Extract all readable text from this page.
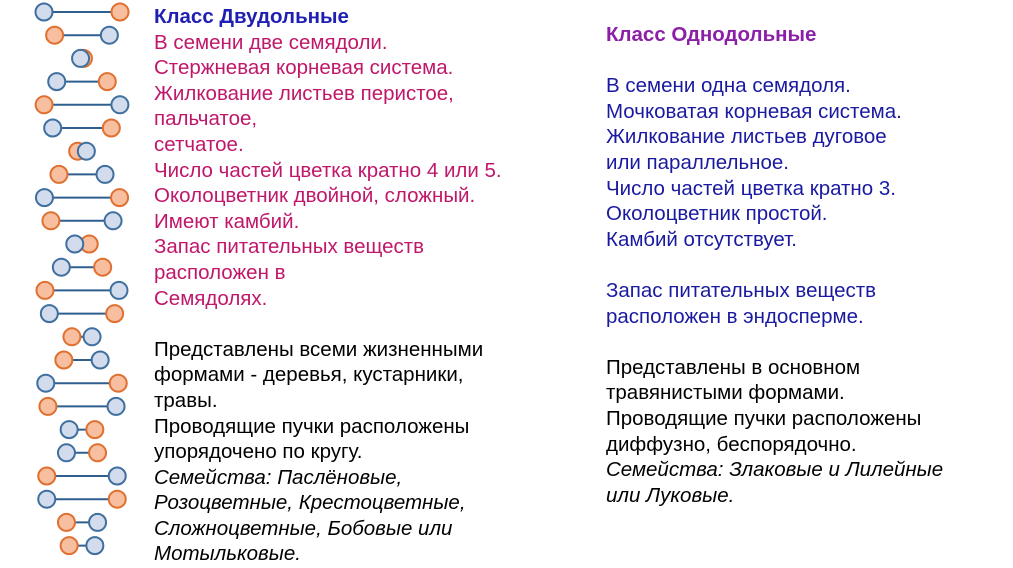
Класс Двудольные
В семени две семядоли.
Стержневая корневая система.
Жилкование листьев перистое,
пальчатое,
сетчатое.
Число частей цветка кратно 4 или 5.
Околоцветник двойной, сложный.
Имеют камбий.
Запас питательных веществ
расположен в
Семядолях.
Представлены всеми жизненными
формами - деревья, кустарники,
травы.
Проводящие пучки расположены
упорядочено по кругу.
Семейства: Паслёновые,
Розоцветные, Крестоцветные,
Сложноцветные, Бобовые или
Мотыльковые.
Класс Однодольные
В семени одна семядоля.
Мочковатая корневая система.
Жилкование листьев дуговое
или параллельное.
Число частей цветка кратно 3.
Околоцветник простой.
Камбий отсутствует.
Запас питательных веществ
расположен в эндосперме.
Представлены в основном
травянистыми формами.
Проводящие пучки расположены
диффузно, беспорядочно.
Семейства: Злаковые и Лилейные
или Луковые.
